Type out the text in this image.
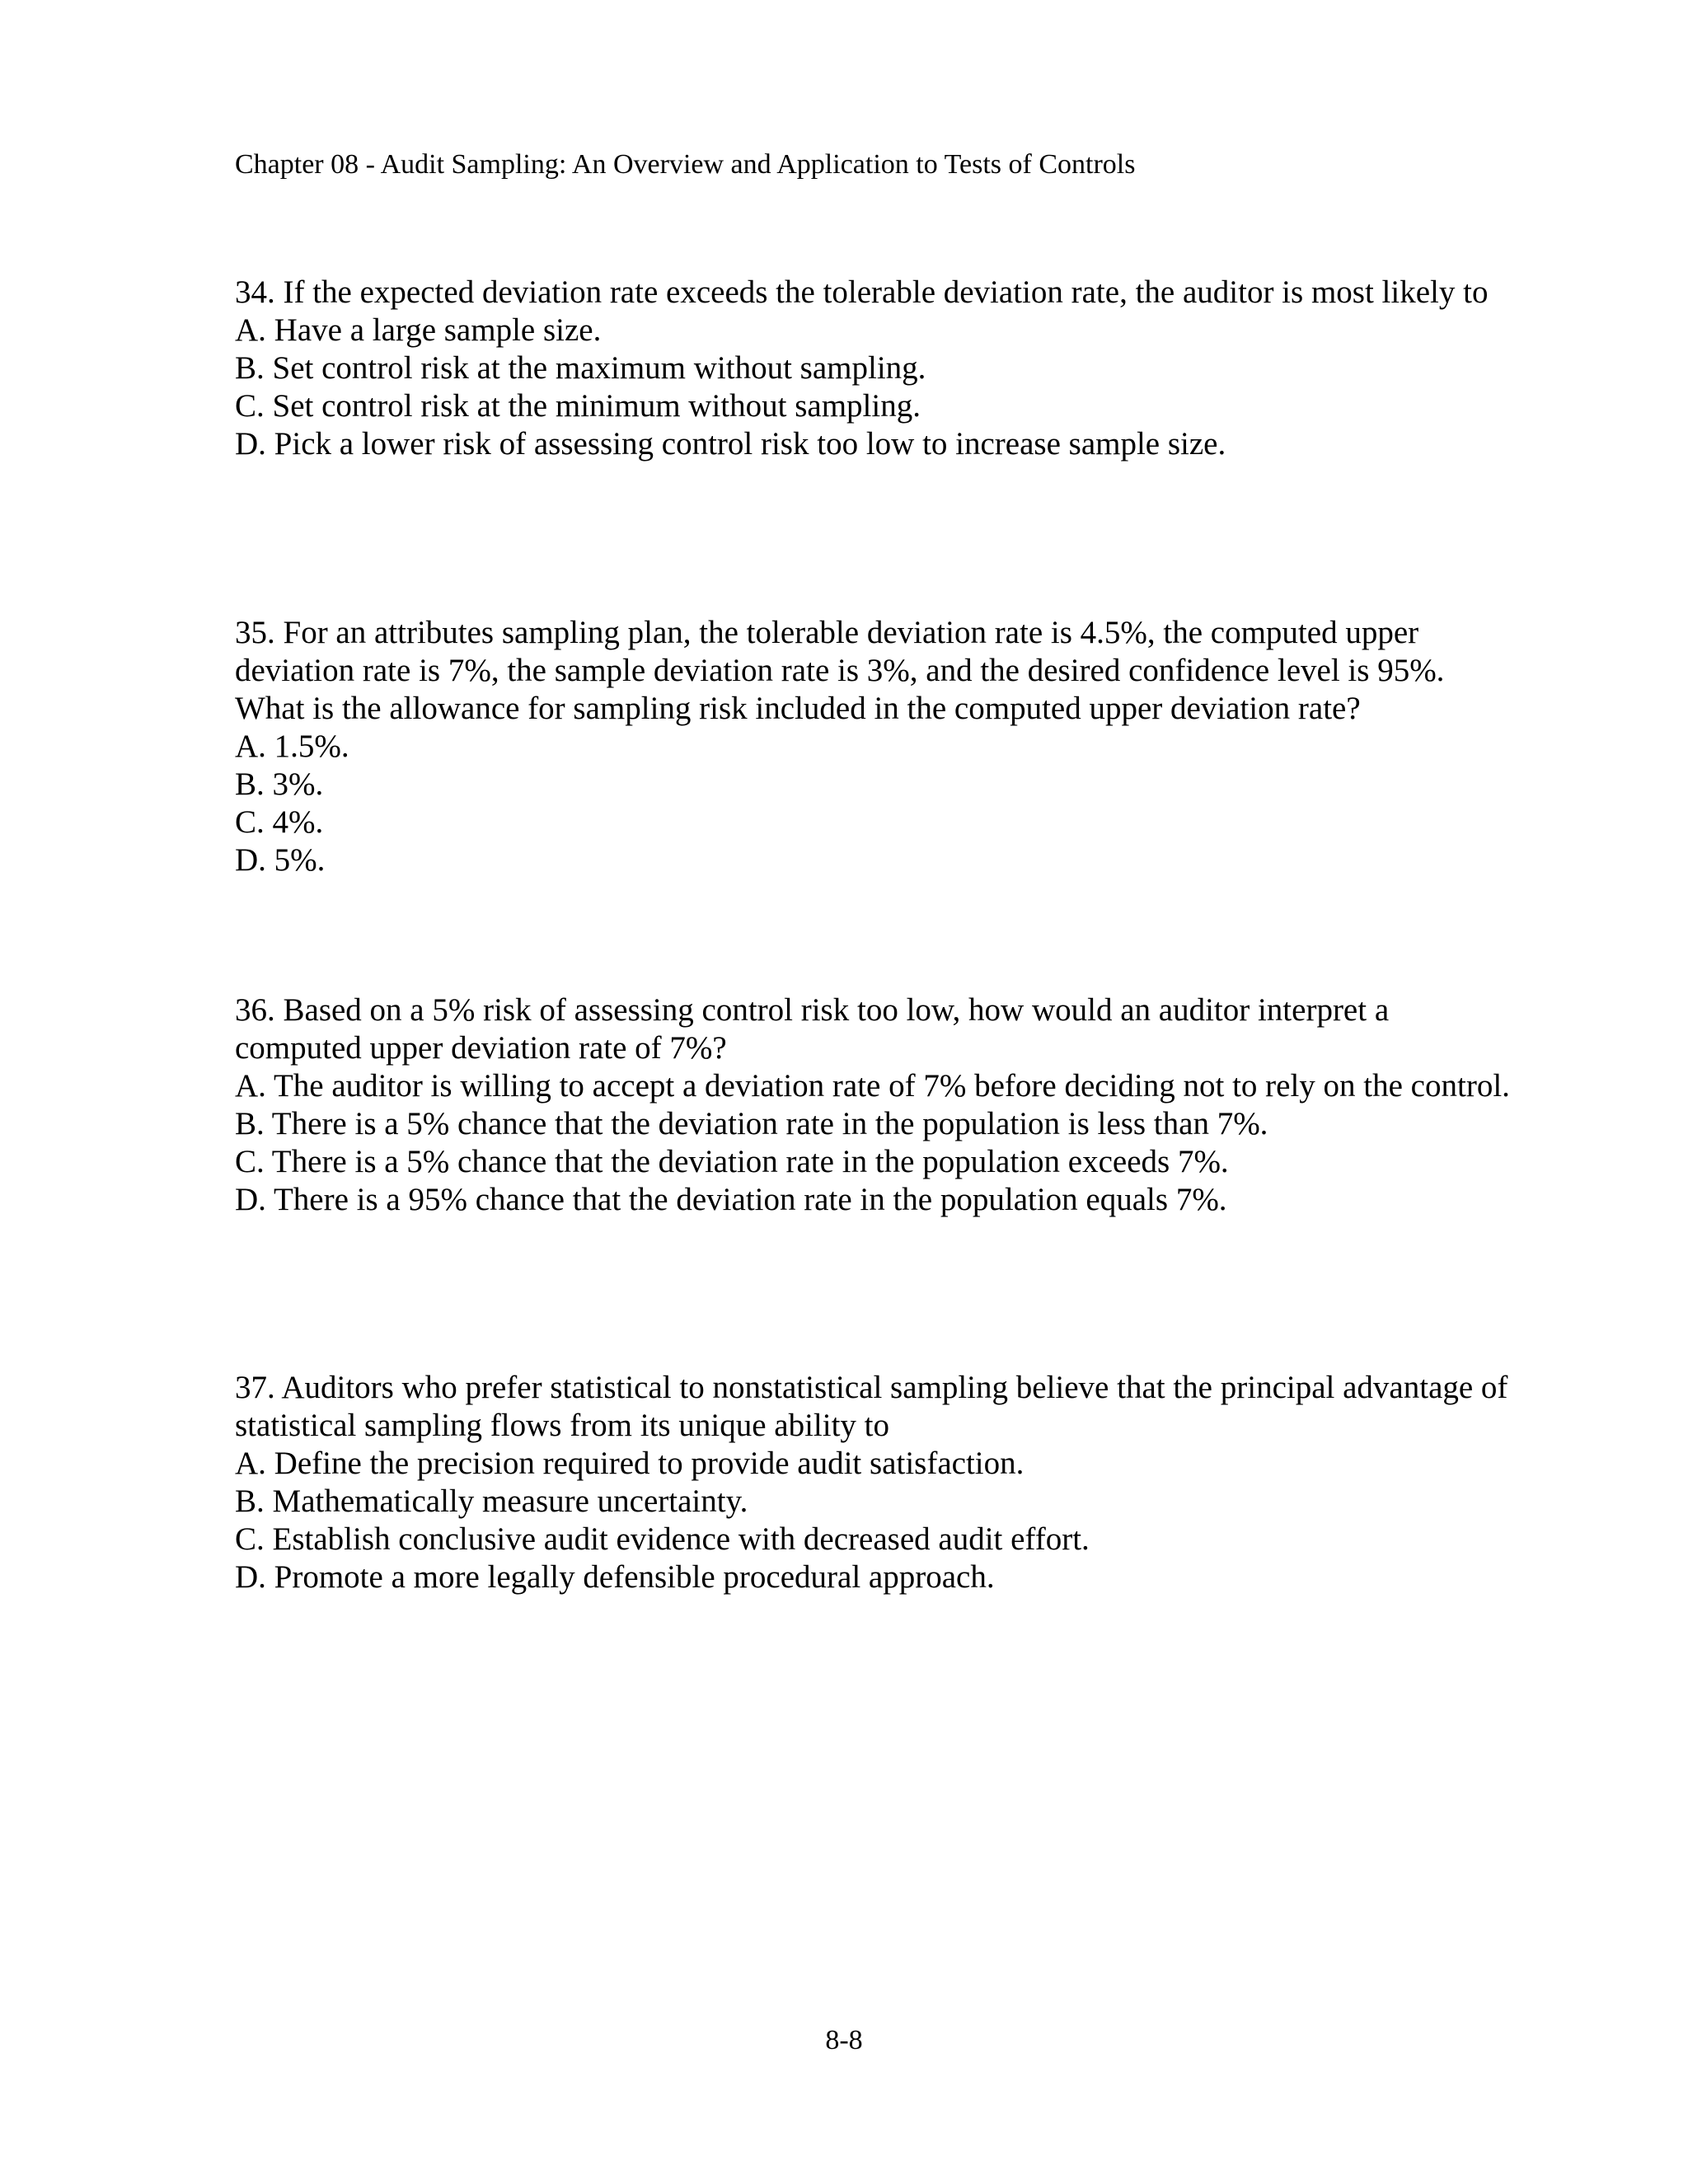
Chapter 08 - Audit Sampling: An Overview and Application to Tests of Controls

34. If the expected deviation rate exceeds the tolerable deviation rate, the auditor is most likely to

A. Have a large sample size.

B. Set control risk at the maximum without sampling.

C. Set control risk at the minimum without sampling.

D. Pick a lower risk of assessing control risk too low to increase sample size.

35. For an attributes sampling plan, the tolerable deviation rate is 4.5%, the computed upper deviation rate is 7%, the sample deviation rate is 3%, and the desired confidence level is 95%. What is the allowance for sampling risk included in the computed upper deviation rate?

A. 1.5%.

B. 3%.

C. 4%.

D. 5%.

36. Based on a 5% risk of assessing control risk too low, how would an auditor interpret a computed upper deviation rate of 7%?

A. The auditor is willing to accept a deviation rate of 7% before deciding not to rely on the control.

B. There is a 5% chance that the deviation rate in the population is less than 7%.

C. There is a 5% chance that the deviation rate in the population exceeds 7%.

D. There is a 95% chance that the deviation rate in the population equals 7%.

37. Auditors who prefer statistical to nonstatistical sampling believe that the principal advantage of statistical sampling flows from its unique ability to

A. Define the precision required to provide audit satisfaction.

B. Mathematically measure uncertainty.

C. Establish conclusive audit evidence with decreased audit effort.

D. Promote a more legally defensible procedural approach.

8-8
